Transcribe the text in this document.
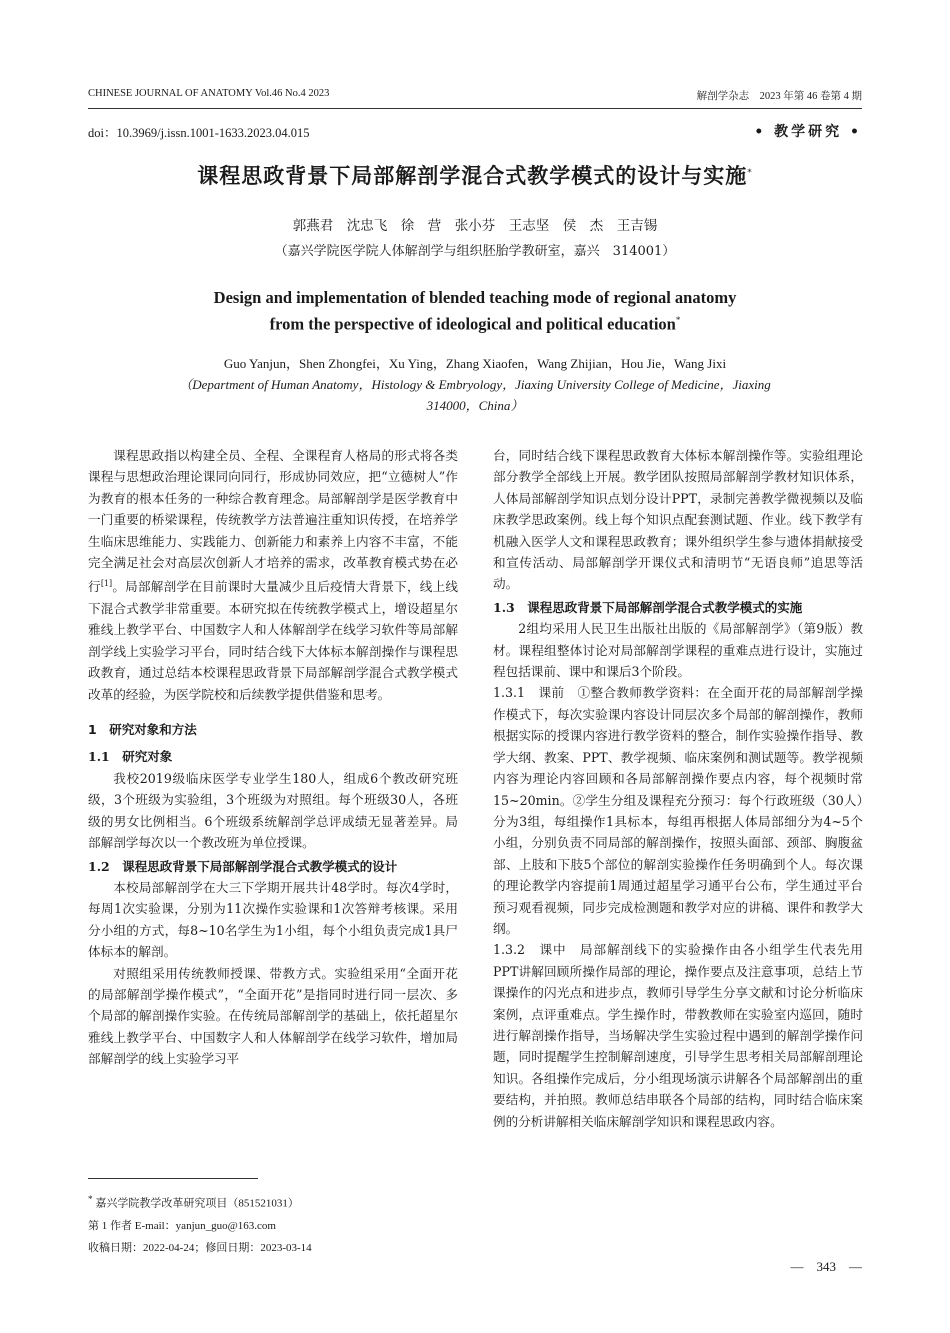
CHINESE JOURNAL OF ANATOMY Vol.46 No.4 2023	解剖学杂志　2023 年第 46 卷第 4 期
doi：10.3969/j.issn.1001-1633.2023.04.015	• 教学研究 •
课程思政背景下局部解剖学混合式教学模式的设计与实施*
郭燕君　沈忠飞　徐　营　张小芬　王志坚　侯　杰　王吉锡
（嘉兴学院医学院人体解剖学与组织胚胎学教研室，嘉兴　314001）
Design and implementation of blended teaching mode of regional anatomy
from the perspective of ideological and political education*
Guo Yanjun，Shen Zhongfei，Xu Ying，Zhang Xiaofen，Wang Zhijian，Hou Jie，Wang Jixi
（Department of Human Anatomy，Histology & Embryology，Jiaxing University College of Medicine，Jiaxing　314000，China）

课程思政指以构建全员、全程、全课程育人格局的形式将各类课程与思想政治理论课同向同行，形成协同效应，把“立德树人”作为教育的根本任务的一种综合教育理念。局部解剖学是医学教育中一门重要的桥梁课程，传统教学方法普遍注重知识传授，在培养学生临床思维能力、实践能力、创新能力和素养上内容不丰富，不能完全满足社会对高层次创新人才培养的需求，改革教育模式势在必行[1]。局部解剖学在目前课时大量减少且后疫情大背景下，线上线下混合式教学非常重要。本研究拟在传统教学模式上，增设超星尔雅线上教学平台、中国数字人和人体解剖学在线学习软件等局部解剖学线上实验学习平台，同时结合线下大体标本解剖操作与课程思政教育，通过总结本校课程思政背景下局部解剖学混合式教学模式改革的经验，为医学院校和后续教学提供借鉴和思考。

1　研究对象和方法
1.1　研究对象

我校2019级临床医学专业学生180人，组成6个教改研究班级，3个班级为实验组，3个班级为对照组。每个班级30人，各班级的男女比例相当。6个班级系统解剖学总评成绩无显著差异。局部解剖学每次以一个教改班为单位授课。

1.2　课程思政背景下局部解剖学混合式教学模式的设计

本校局部解剖学在大三下学期开展共计48学时。每次4学时，每周1次实验课，分别为11次操作实验课和1次答辩考核课。采用分小组的方式，每8~10名学生为1小组，每个小组负责完成1具尸体标本的解剖。

对照组采用传统教师授课、带教方式。实验组采用“全面开花的局部解剖学操作模式”，“全面开花”是指同时进行同一层次、多个局部的解剖操作实验。在传统局部解剖学的基础上，依托超星尔雅线上教学平台、中国数字人和人体解剖学在线学习软件，增加局部解剖学的线上实验学习平

台，同时结合线下课程思政教育大体标本解剖操作等。实验组理论部分教学全部线上开展。教学团队按照局部解剖学教材知识体系，人体局部解剖学知识点划分设计PPT，录制完善教学微视频以及临床教学思政案例。线上每个知识点配套测试题、作业。线下教学有机融入医学人文和课程思政教育；课外组织学生参与遗体捐献接受和宣传活动、局部解剖学开课仪式和清明节“无语良师”追思等活动。

1.3　课程思政背景下局部解剖学混合式教学模式的实施

2组均采用人民卫生出版社出版的《局部解剖学》（第9版）教材。课程组整体讨论对局部解剖学课程的重难点进行设计，实施过程包括课前、课中和课后3个阶段。

1.3.1　课前　①整合教师教学资料：在全面开花的局部解剖学操作模式下，每次实验课内容设计同层次多个局部的解剖操作，教师根据实际的授课内容进行教学资料的整合，制作实验操作指导、教学大纲、教案、PPT、教学视频、临床案例和测试题等。教学视频内容为理论内容回顾和各局部解剖操作要点内容，每个视频时常15~20min。②学生分组及课程充分预习：每个行政班级（30人）分为3组，每组操作1具标本，每组再根据人体局部细分为4~5个小组，分别负责不同局部的解剖操作，按照头面部、颈部、胸腹盆部、上肢和下肢5个部位的解剖实验操作任务明确到个人。每次课的理论教学内容提前1周通过超星学习通平台公布，学生通过平台预习观看视频，同步完成检测题和教学对应的讲稿、课件和教学大纲。

1.3.2　课中　局部解剖线下的实验操作由各小组学生代表先用PPT讲解回顾所操作局部的理论，操作要点及注意事项，总结上节课操作的闪光点和进步点，教师引导学生分享文献和讨论分析临床案例，点评重难点。学生操作时，带教教师在实验室内巡回，随时进行解剖操作指导，当场解决学生实验过程中遇到的解剖学操作问题，同时提醒学生控制解剖速度，引导学生思考相关局部解剖理论知识。各组操作完成后，分小组现场演示讲解各个局部解剖出的重要结构，并拍照。教师总结串联各个局部的结构，同时结合临床案例的分析讲解相关临床解剖学知识和课程思政内容。

* 嘉兴学院教学改革研究项目（851521031）
第 1 作者 E-mail：yanjun_guo@163.com
收稿日期：2022-04-24；修回日期：2023-03-14
—　343　—
